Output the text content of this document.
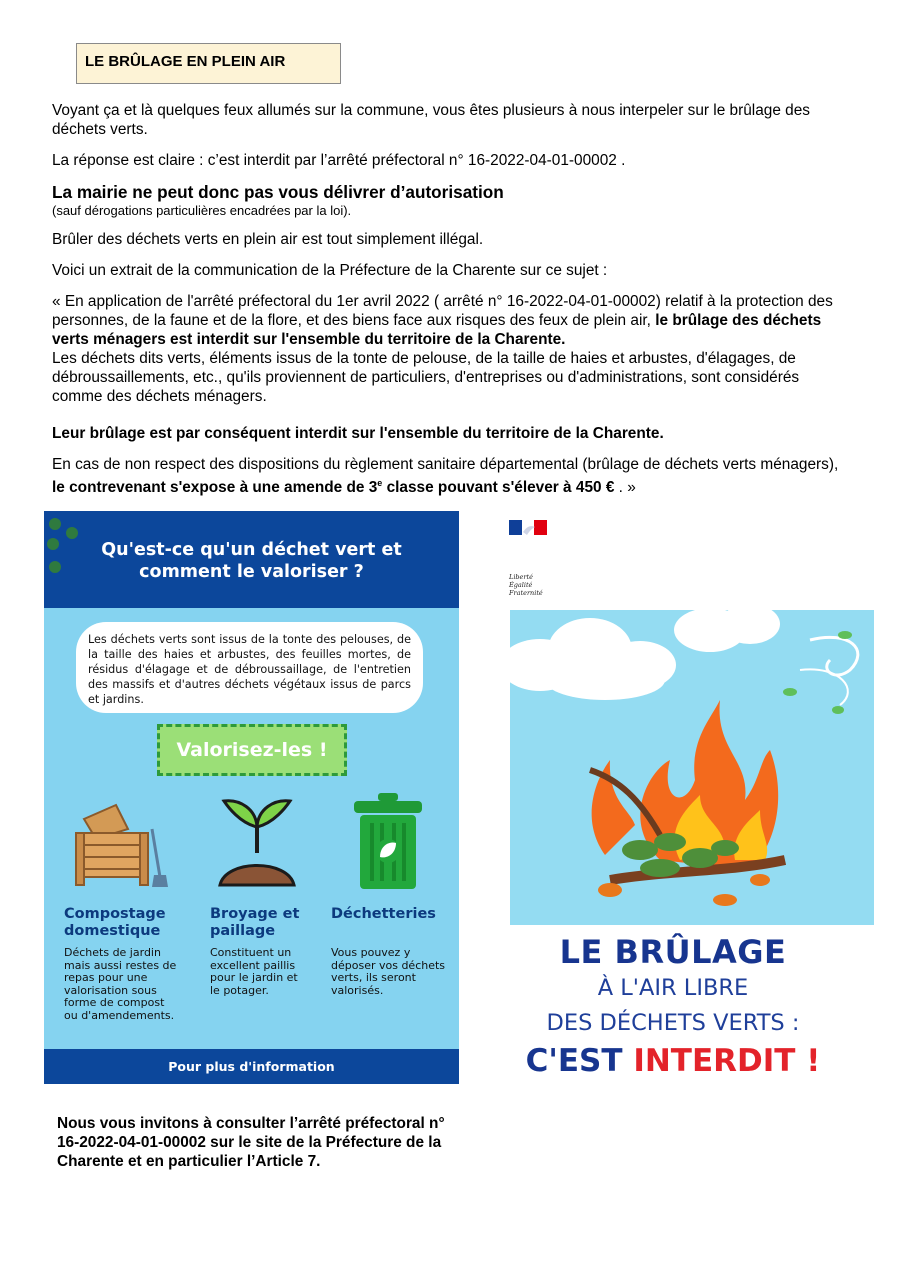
LE BRÛLAGE EN PLEIN AIR

Voyant ça et là quelques feux allumés sur la commune, vous êtes plusieurs à nous interpeler sur le brûlage des déchets verts.

La réponse est claire : c’est interdit par l’arrêté préfectoral n° 16-2022-04-01-00002 .

La mairie ne peut donc pas vous délivrer d’autorisation
(sauf dérogations particulières encadrées par la loi).

Brûler des déchets verts en plein air est tout simplement illégal.

Voici un extrait de la communication de la Préfecture de la Charente sur ce sujet :

« En application de l'arrêté préfectoral du 1er avril 2022 ( arrêté n° 16-2022-04-01-00002) relatif à la protection des personnes, de la faune et de la flore, et des biens face aux risques des feux de plein air, le brûlage des déchets verts ménagers est interdit sur l'ensemble du territoire de la Charente.

Les déchets dits verts, éléments issus de la tonte de pelouse, de la taille de haies et arbustes, d'élagages, de débroussaillements, etc., qu'ils proviennent de particuliers, d'entreprises ou d'administrations, sont considérés comme des déchets ménagers.

Leur brûlage est par conséquent interdit sur l'ensemble du territoire de la Charente.

En cas de non respect des dispositions du règlement sanitaire départemental (brûlage de déchets verts ménagers), le contrevenant s'expose à une amende de 3e classe pouvant s'élever à 450 € . »

Qu'est-ce qu'un déchet vert et
comment le valoriser ?
Les déchets verts sont issus de la tonte des pelouses, de la taille des haies et arbustes, des feuilles mortes, de résidus d'élagage et de débroussaillage, de l'entretien des massifs et d'autres déchets végétaux issus de parcs et jardins.
Valorisez-les !
Compostage domestique
Déchets de jardin mais aussi restes de repas pour une valorisation sous forme de compost ou d'amendements.
Broyage et paillage
Constituent un excellent paillis pour le jardin et le potager.
Déchetteries
Vous pouvez y déposer vos déchets verts, ils seront valorisés.
Pour plus d'information
Liberté
Égalité
Fraternité
LE BRÛLAGE
À L'AIR LIBRE
DES DÉCHETS VERTS :
C'EST INTERDIT !
Nous vous invitons à consulter l’arrêté préfectoral n° 16-2022-04-01-00002 sur le site de la Préfecture de la Charente et en particulier l’Article 7.
